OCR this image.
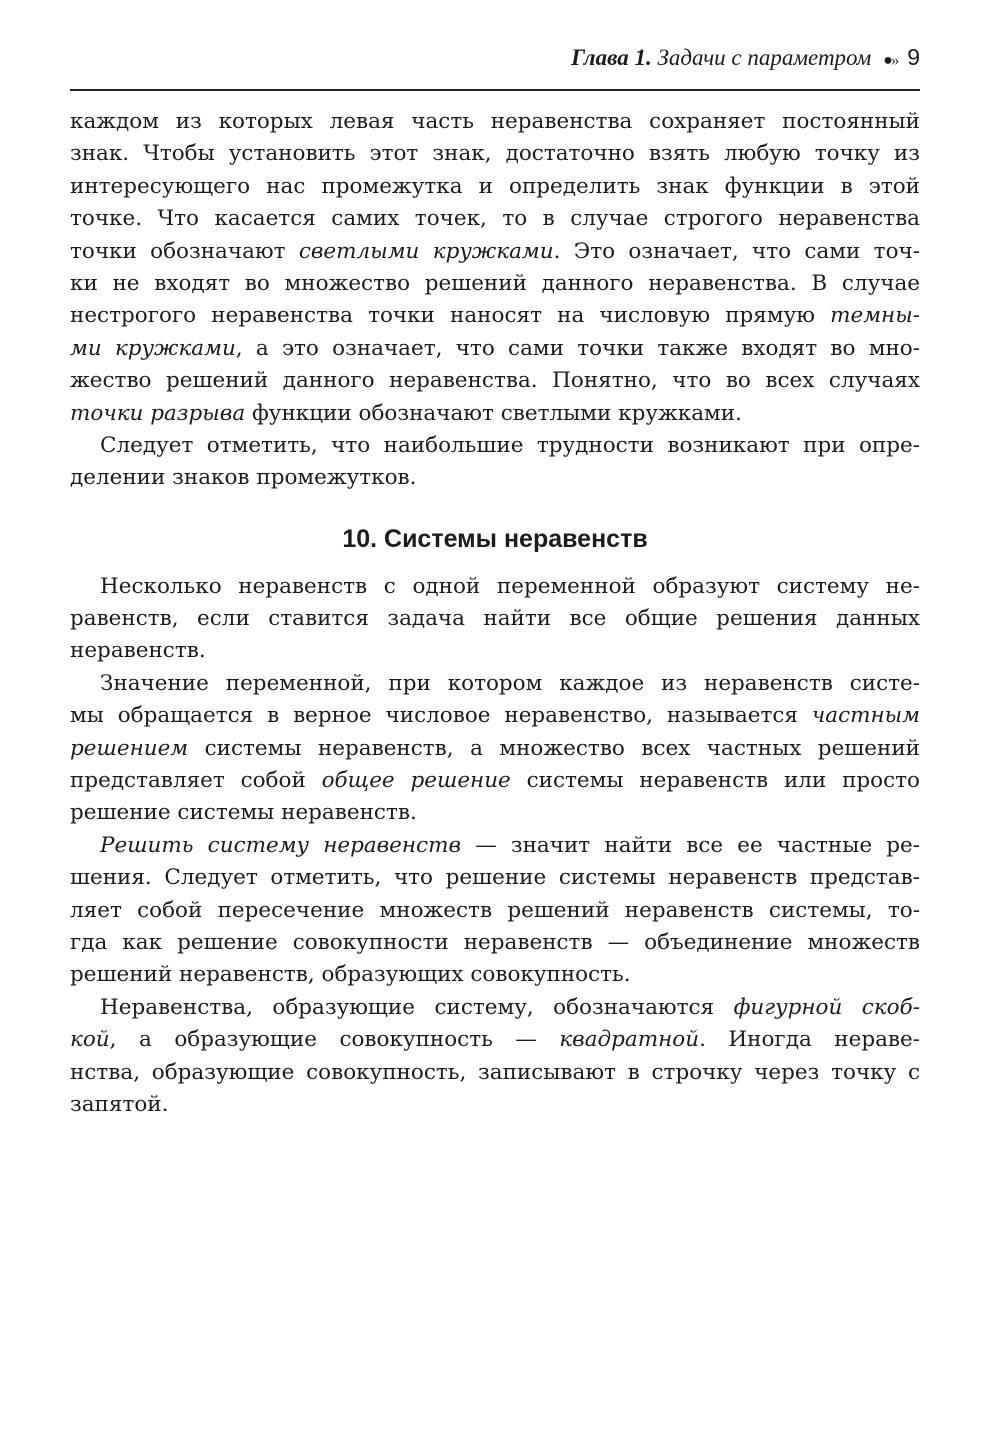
Глава 1. Задачи с параметром ●›› 9
каждом из которых левая часть неравенства сохраняет постоянный
знак. Чтобы установить этот знак, достаточно взять любую точку из
интересующего нас промежутка и определить знак функции в этой
точке. Что касается самих точек, то в случае строгого неравенства
точки обозначают светлыми кружками. Это означает, что сами точ-
ки не входят во множество решений данного неравенства. В случае
нестрогого неравенства точки наносят на числовую прямую темны-
ми кружками, а это означает, что сами точки также входят во мно-
жество решений данного неравенства. Понятно, что во всех случаях
точки разрыва функции обозначают светлыми кружками.
Следует отметить, что наибольшие трудности возникают при опре-
делении знаков промежутков.
10. Системы неравенств
Несколько неравенств с одной переменной образуют систему не-
равенств, если ставится задача найти все общие решения данных
неравенств.
Значение переменной, при котором каждое из неравенств систе-
мы обращается в верное числовое неравенство, называется частным
решением системы неравенств, а множество всех частных решений
представляет собой общее решение системы неравенств или просто
решение системы неравенств.
Решить систему неравенств — значит найти все ее частные ре-
шения. Следует отметить, что решение системы неравенств представ-
ляет собой пересечение множеств решений неравенств системы, то-
гда как решение совокупности неравенств — объединение множеств
решений неравенств, образующих совокупность.
Неравенства, образующие систему, обозначаются фигурной скоб-
кой, а образующие совокупность — квадратной. Иногда нераве-
нства, образующие совокупность, записывают в строчку через точку с
запятой.
